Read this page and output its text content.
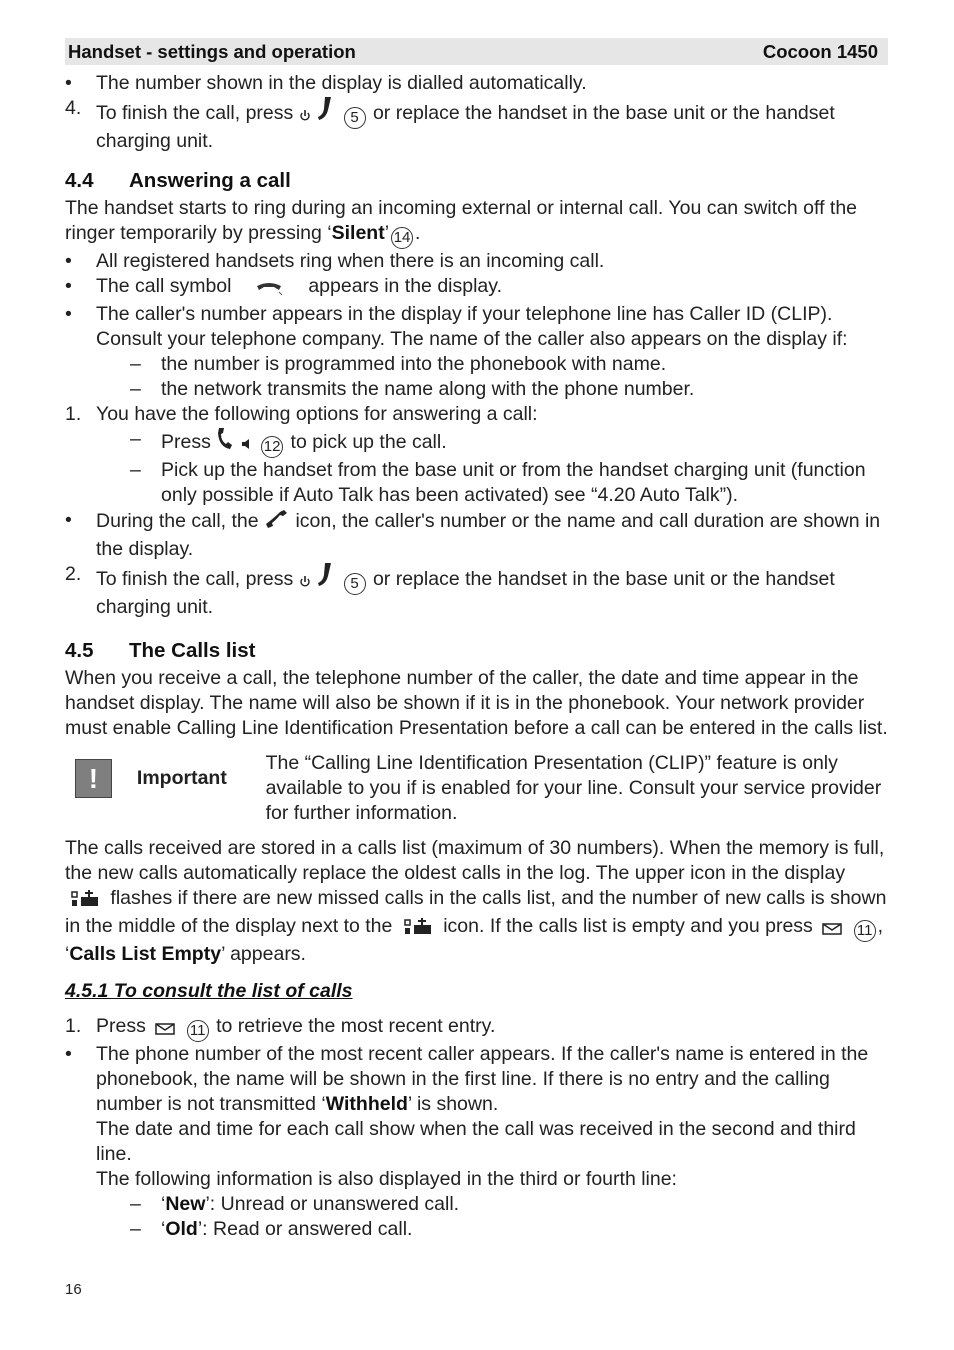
Handset - settings and operation	Cocoon 1450
•	The number shown in the display is dialled automatically.
4. To finish the call, press	5 or replace the handset in the base unit or the handset charging unit.
4.4 Answering a call
The handset starts to ring during an incoming external or internal call. You can switch off the ringer temporarily by pressing ‘Silent’ 14 .
•	All registered handsets ring when there is an incoming call.
•	The call symbol	appears in the display.
•	The caller's number appears in the display if your telephone line has Caller ID (CLIP). Consult your telephone company. The name of the caller also appears on the display if:
–	the number is programmed into the phonebook with name.
–	the network transmits the name along with the phone number.
1. You have the following options for answering a call:
–	Press	12 to pick up the call.
–	Pick up the handset from the base unit or from the handset charging unit (function only possible if Auto Talk has been activated) see “4.20 Auto Talk”).
•	During the call, the icon, the caller's number or the name and call duration are shown in the display.
2. To finish the call, press	5 or replace the handset in the base unit or the handset charging unit.
4.5 The Calls list
When you receive a call, the telephone number of the caller, the date and time appear in the handset display. The name will also be shown if it is in the phonebook. Your network provider must enable Calling Line Identification Presentation before a call can be entered in the calls list.
!	Important
The “Calling Line Identification Presentation (CLIP)” feature is only available to you if is enabled for your line. Consult your service provider for further information.
The calls received are stored in a calls list (maximum of 30 numbers). When the memory is full, the new calls automatically replace the oldest calls in the log. The upper icon in the display  flashes if there are new missed calls in the calls list, and the number of new calls is shown in the middle of the display next to the	icon. If the calls list is empty and you press	11 , ‘Calls List Empty’ appears.
4.5.1 To consult the list of calls
1. Press	11 to retrieve the most recent entry.
•	The phone number of the most recent caller appears. If the caller's name is entered in the phonebook, the name will be shown in the first line. If there is no entry and the calling number is not transmitted ‘Withheld’ is shown.
The date and time for each call show when the call was received in the second and third line.
The following information is also displayed in the third or fourth line:
–	‘New’: Unread or unanswered call.
–	‘Old’: Read or answered call.
16
